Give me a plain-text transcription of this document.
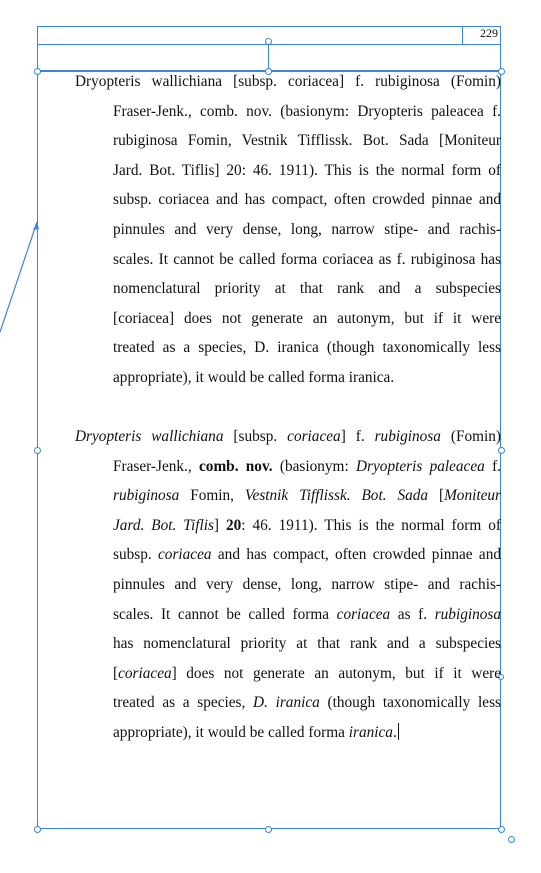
229
Dryopteris wallichiana [subsp. coriacea] f. rubiginosa (Fomin)
Fraser-Jenk., comb. nov. (basionym: Dryopteris paleacea f.
rubiginosa Fomin, Vestnik Tifflissk. Bot. Sada [Moniteur
Jard. Bot. Tiflis] 20: 46. 1911). This is the normal form of
subsp. coriacea and has compact, often crowded pinnae and
pinnules and very dense, long, narrow stipe- and rachis-
scales. It cannot be called forma coriacea as f. rubiginosa has
nomenclatural priority at that rank and a subspecies
[coriacea] does not generate an autonym, but if it were
treated as a species, D. iranica (though taxonomically less
appropriate), it would be called forma iranica.
Dryopteris wallichiana [subsp. coriacea] f. rubiginosa (Fomin)
Fraser-Jenk., comb. nov. (basionym: Dryopteris paleacea f.
rubiginosa Fomin, Vestnik Tifflissk. Bot. Sada [Moniteur
Jard. Bot. Tiflis] 20: 46. 1911). This is the normal form of
subsp. coriacea and has compact, often crowded pinnae and
pinnules and very dense, long, narrow stipe- and rachis-
scales. It cannot be called forma coriacea as f. rubiginosa
has nomenclatural priority at that rank and a subspecies
[coriacea] does not generate an autonym, but if it were
treated as a species, D. iranica (though taxonomically less
appropriate), it would be called forma iranica.
